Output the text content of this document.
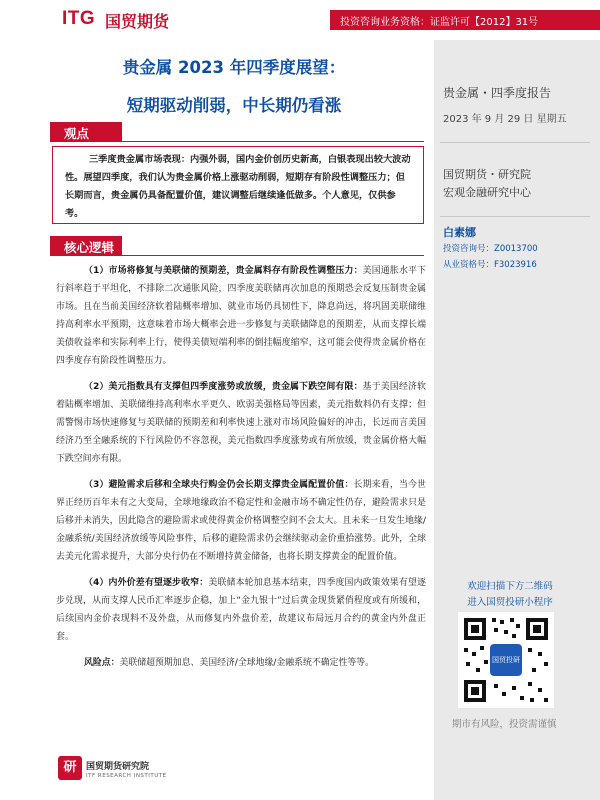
ITG 国贸期货	投资咨询业务资格：证监许可【2012】31号
贵金属 2023 年四季度展望：
短期驱动削弱，中长期仍看涨
贵金属・四季度报告
2023 年 9 月 29 日 星期五
国贸期货・研究院
宏观金融研究中心
白素娜
投资咨询号：Z0013700
从业资格号：F3023916
欢迎扫描下方二维码
进入国贸投研小程序
国贸投研
期市有风险，投资需谨慎
观点

三季度贵金属市场表现：内强外弱，国内金价创历史新高，白银表现出较大波动性。展望四季度，我们认为贵金属价格上涨驱动削弱，短期存有阶段性调整压力；但长期而言，贵金属仍具备配置价值，建议调整后继续逢低做多。个人意见，仅供参考。

核心逻辑

（1）市场将修复与美联储的预期差，贵金属料存有阶段性调整压力：美国通胀水平下行斜率趋于平坦化，不排除二次通胀风险，四季度美联储再次加息的预期恐会反复压制贵金属市场。且在当前美国经济软着陆概率增加、就业市场仍具韧性下，降息尚远，将巩固美联储维持高利率水平预期，这意味着市场大概率会进一步修复与美联储降息的预期差，从而支撑长端美债收益率和实际利率上行，使得美债短端利率的倒挂幅度缩窄，这可能会使得贵金属价格在四季度存有阶段性调整压力。

（2）美元指数具有支撑但四季度涨势或放缓，贵金属下跌空间有限：基于美国经济软着陆概率增加、美联储维持高利率水平更久、欧弱美强格局等因素，美元指数料仍有支撑；但需警惕市场快速修复与美联储的预期差和利率快速上涨对市场风险偏好的冲击，长远而言美国经济乃至全融系统的下行风险仍不容忽视，美元指数四季度涨势或有所放缓，贵金属价格大幅下跌空间亦有限。

（3）避险需求后移和全球央行购金仍会长期支撑贵金属配置价值：长期来看，当今世界正经历百年未有之大变局，全球地缘政治不稳定性和金融市场不确定性仍存，避险需求只是后移并未消失，因此隐含的避险需求或使得黄金价格调整空间不会太大。且未来一旦发生地缘/金融系统/美国经济放缓等风险事件，后移的避险需求仍会继续驱动金价重拾涨势。此外，全球去美元化需求提升，大部分央行仍在不断增持黄金储备，也将长期支撑黄金的配置价值。

（4）内外价差有望逐步收窄：美联储本轮加息基本结束，四季度国内政策效果有望逐步兑现，从而支撑人民币汇率逐步企稳，加上“金九银十”过后黄金现货紧俏程度或有所缓和，后续国内金价表现料不及外盘，从而修复内外盘价差，故建议布局远月合约的黄金内外盘正套。

风险点：美联储超预期加息、美国经济/全球地缘/金融系统不确定性等等。

研	国贸期货研究院
ITF RESEARCH INSTITUTE
